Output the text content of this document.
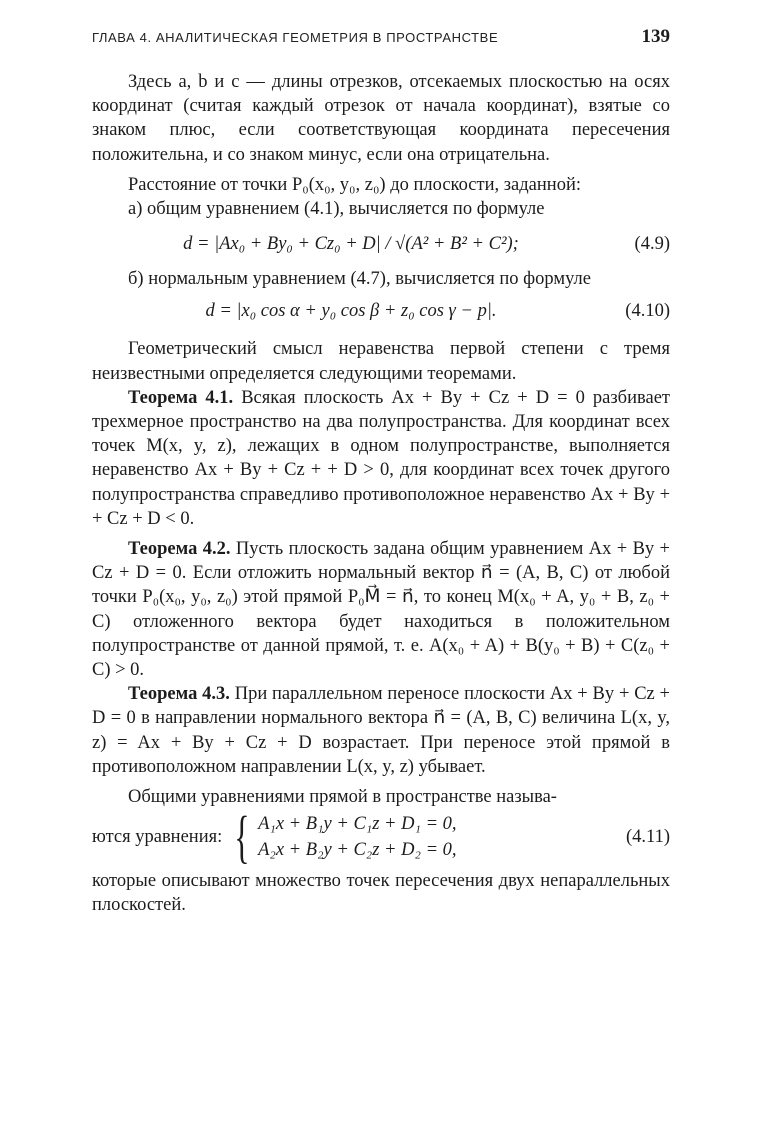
ГЛАВА 4. АНАЛИТИЧЕСКАЯ ГЕОМЕТРИЯ В ПРОСТРАНСТВЕ	139
Здесь a, b и c — длины отрезков, отсекаемых плоскостью на осях координат (считая каждый отрезок от начала координат), взятые со знаком плюс, если соответствующая координата пересечения положительна, и со знаком минус, если она отрицательна.
Расстояние от точки P₀(x₀, y₀, z₀) до плоскости, заданной:
а) общим уравнением (4.1), вычисляется по формуле
d = |Ax₀ + By₀ + Cz₀ + D| / √(A² + B² + C²);	(4.9)
б) нормальным уравнением (4.7), вычисляется по формуле
d = |x₀ cos α + y₀ cos β + z₀ cos γ − p|.	(4.10)
Геометрический смысл неравенства первой степени с тремя неизвестными определяется следующими теоремами.
Теорема 4.1. Всякая плоскость Ax + By + Cz + D = 0 разбивает трехмерное пространство на два полупространства. Для координат всех точек M(x, y, z), лежащих в одном полупространстве, выполняется неравенство Ax + By + Cz + + D > 0, для координат всех точек другого полупространства справедливо противоположное неравенство Ax + By + + Cz + D < 0.
Теорема 4.2. Пусть плоскость задана общим уравнением Ax + By + Cz + D = 0. Если отложить нормальный вектор n⃗ = (A, B, C) от любой точки P₀(x₀, y₀, z₀) этой прямой P₀M⃗ = n⃗, то конец M(x₀ + A, y₀ + B, z₀ + C) отложенного вектора будет находиться в положительном полупространстве от данной прямой, т. е. A(x₀ + A) + B(y₀ + B) + C(z₀ + C) > 0.
Теорема 4.3. При параллельном переносе плоскости Ax + By + Cz + D = 0 в направлении нормального вектора n⃗ = (A, B, C) величина L(x, y, z) = Ax + By + Cz + D возрастает. При переносе этой прямой в противоположном направлении L(x, y, z) убывает.
Общими уравнениями прямой в пространстве называ-
ются уравнения: { A₁x + B₁y + C₁z + D₁ = 0,
A₂x + B₂y + C₂z + D₂ = 0,
(4.11)
которые описывают множество точек пересечения двух непараллельных плоскостей.
